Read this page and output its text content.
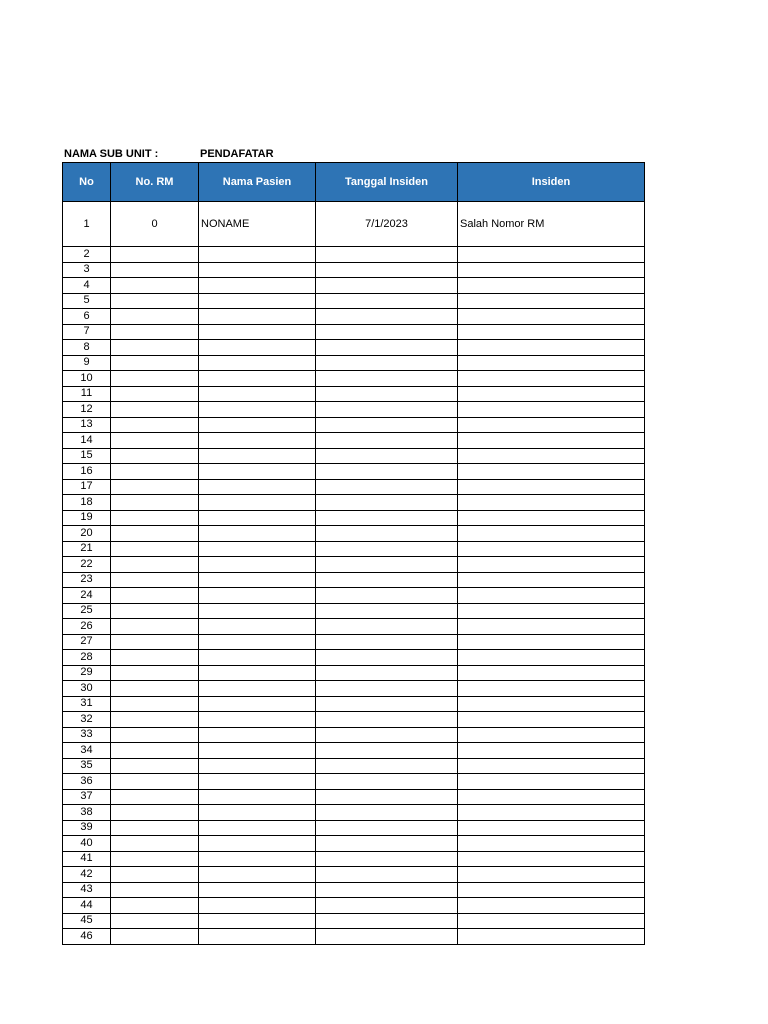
NAMA SUB UNIT :	PENDAFATAR
No	No. RM	Nama Pasien	Tanggal Insiden	Insiden
1	0	NONAME	7/1/2023	Salah Nomor RM
2				
3				
4				
5				
6				
7				
8				
9				
10				
11				
12				
13				
14				
15				
16				
17				
18				
19				
20				
21				
22				
23				
24				
25				
26				
27				
28				
29				
30				
31				
32				
33				
34				
35				
36				
37				
38				
39				
40				
41				
42				
43				
44				
45				
46				
